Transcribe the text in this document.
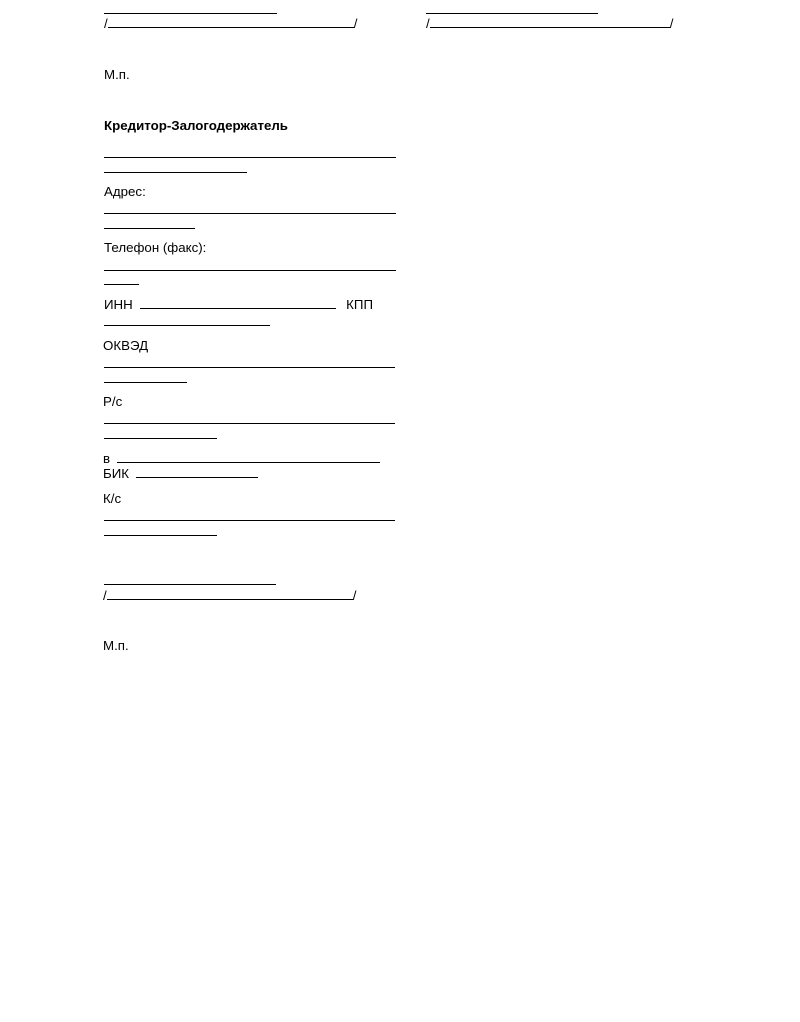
/	/	/	/
М.п.
Кредитор-Залогодержатель
Адрес:
Телефон (факс):
ИНН	КПП
ОКВЭД
Р/с
в
БИК
К/с
/	/
М.п.
